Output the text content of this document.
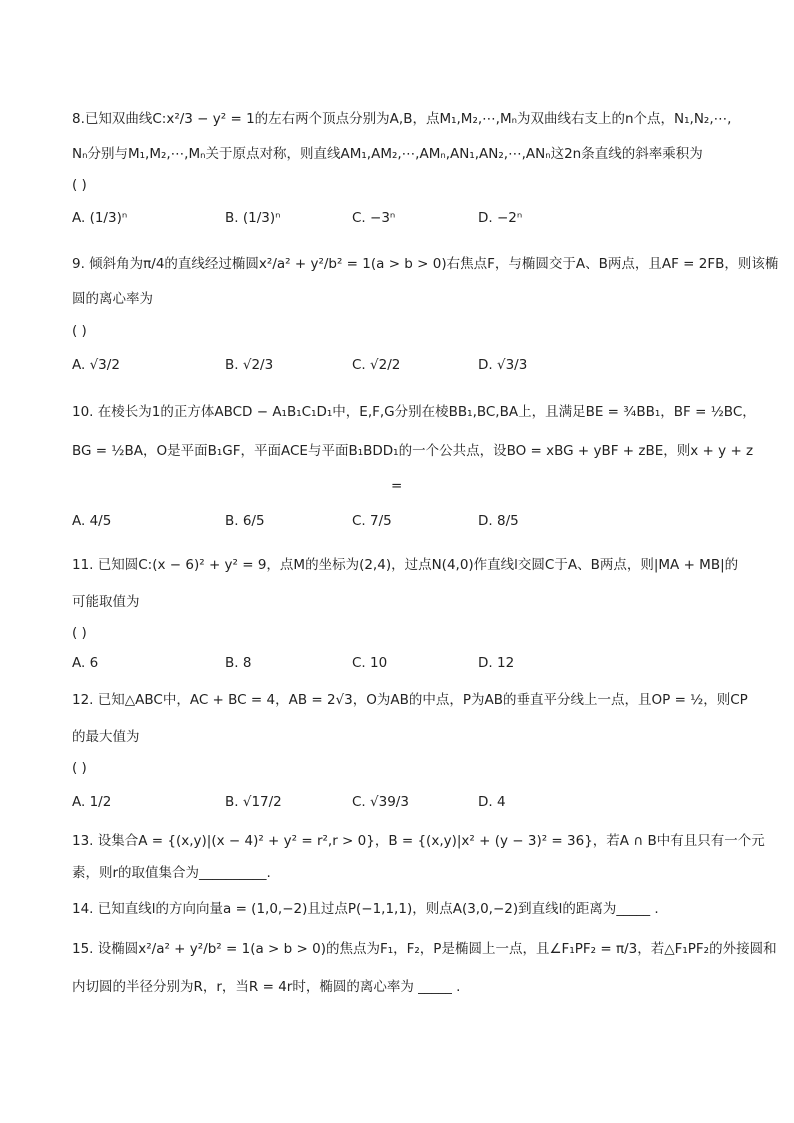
8.已知双曲线C:x²/3 − y² = 1的左右两个顶点分别为A,B，点M₁,M₂,⋯,Mₙ为双曲线右支上的n个点，N₁,N₂,⋯,
Nₙ分别与M₁,M₂,⋯,Mₙ关于原点对称，则直线AM₁,AM₂,⋯,AMₙ,AN₁,AN₂,⋯,ANₙ这2n条直线的斜率乘积为
( )
A. (1/3)ⁿ	B. (1/3)ⁿ	C. −3ⁿ	D. −2ⁿ
9. 倾斜角为π/4的直线经过椭圆x²/a² + y²/b² = 1(a > b > 0)右焦点F，与椭圆交于A、B两点，且AF = 2FB，则该椭
圆的离心率为
( )
A. √3/2	B. √2/3	C. √2/2	D. √3/3
10. 在棱长为1的正方体ABCD − A₁B₁C₁D₁中，E,F,G分别在棱BB₁,BC,BA上，且满足BE = ¾BB₁，BF = ½BC，
BG = ½BA，O是平面B₁GF，平面ACE与平面B₁BDD₁的一个公共点，设BO = xBG + yBF + zBE，则x + y + z
=
A. 4/5	B. 6/5	C. 7/5	D. 8/5
11. 已知圆C:(x − 6)² + y² = 9，点M的坐标为(2,4)，过点N(4,0)作直线l交圆C于A、B两点，则|MA + MB|的
可能取值为
( )
A. 6	B. 8	C. 10	D. 12
12. 已知△ABC中，AC + BC = 4，AB = 2√3，O为AB的中点，P为AB的垂直平分线上一点，且OP = ½，则CP
的最大值为
( )
A. 1/2	B. √17/2	C. √39/3	D. 4
13. 设集合A = {(x,y)|(x − 4)² + y² = r²,r > 0}，B = {(x,y)|x² + (y − 3)² = 36}，若A ∩ B中有且只有一个元
素，则r的取值集合为__________.
14. 已知直线l的方向向量a = (1,0,−2)且过点P(−1,1,1)，则点A(3,0,−2)到直线l的距离为_____ .
15. 设椭圆x²/a² + y²/b² = 1(a > b > 0)的焦点为F₁，F₂，P是椭圆上一点，且∠F₁PF₂ = π/3，若△F₁PF₂的外接圆和
内切圆的半径分别为R，r，当R = 4r时，椭圆的离心率为 _____ .
